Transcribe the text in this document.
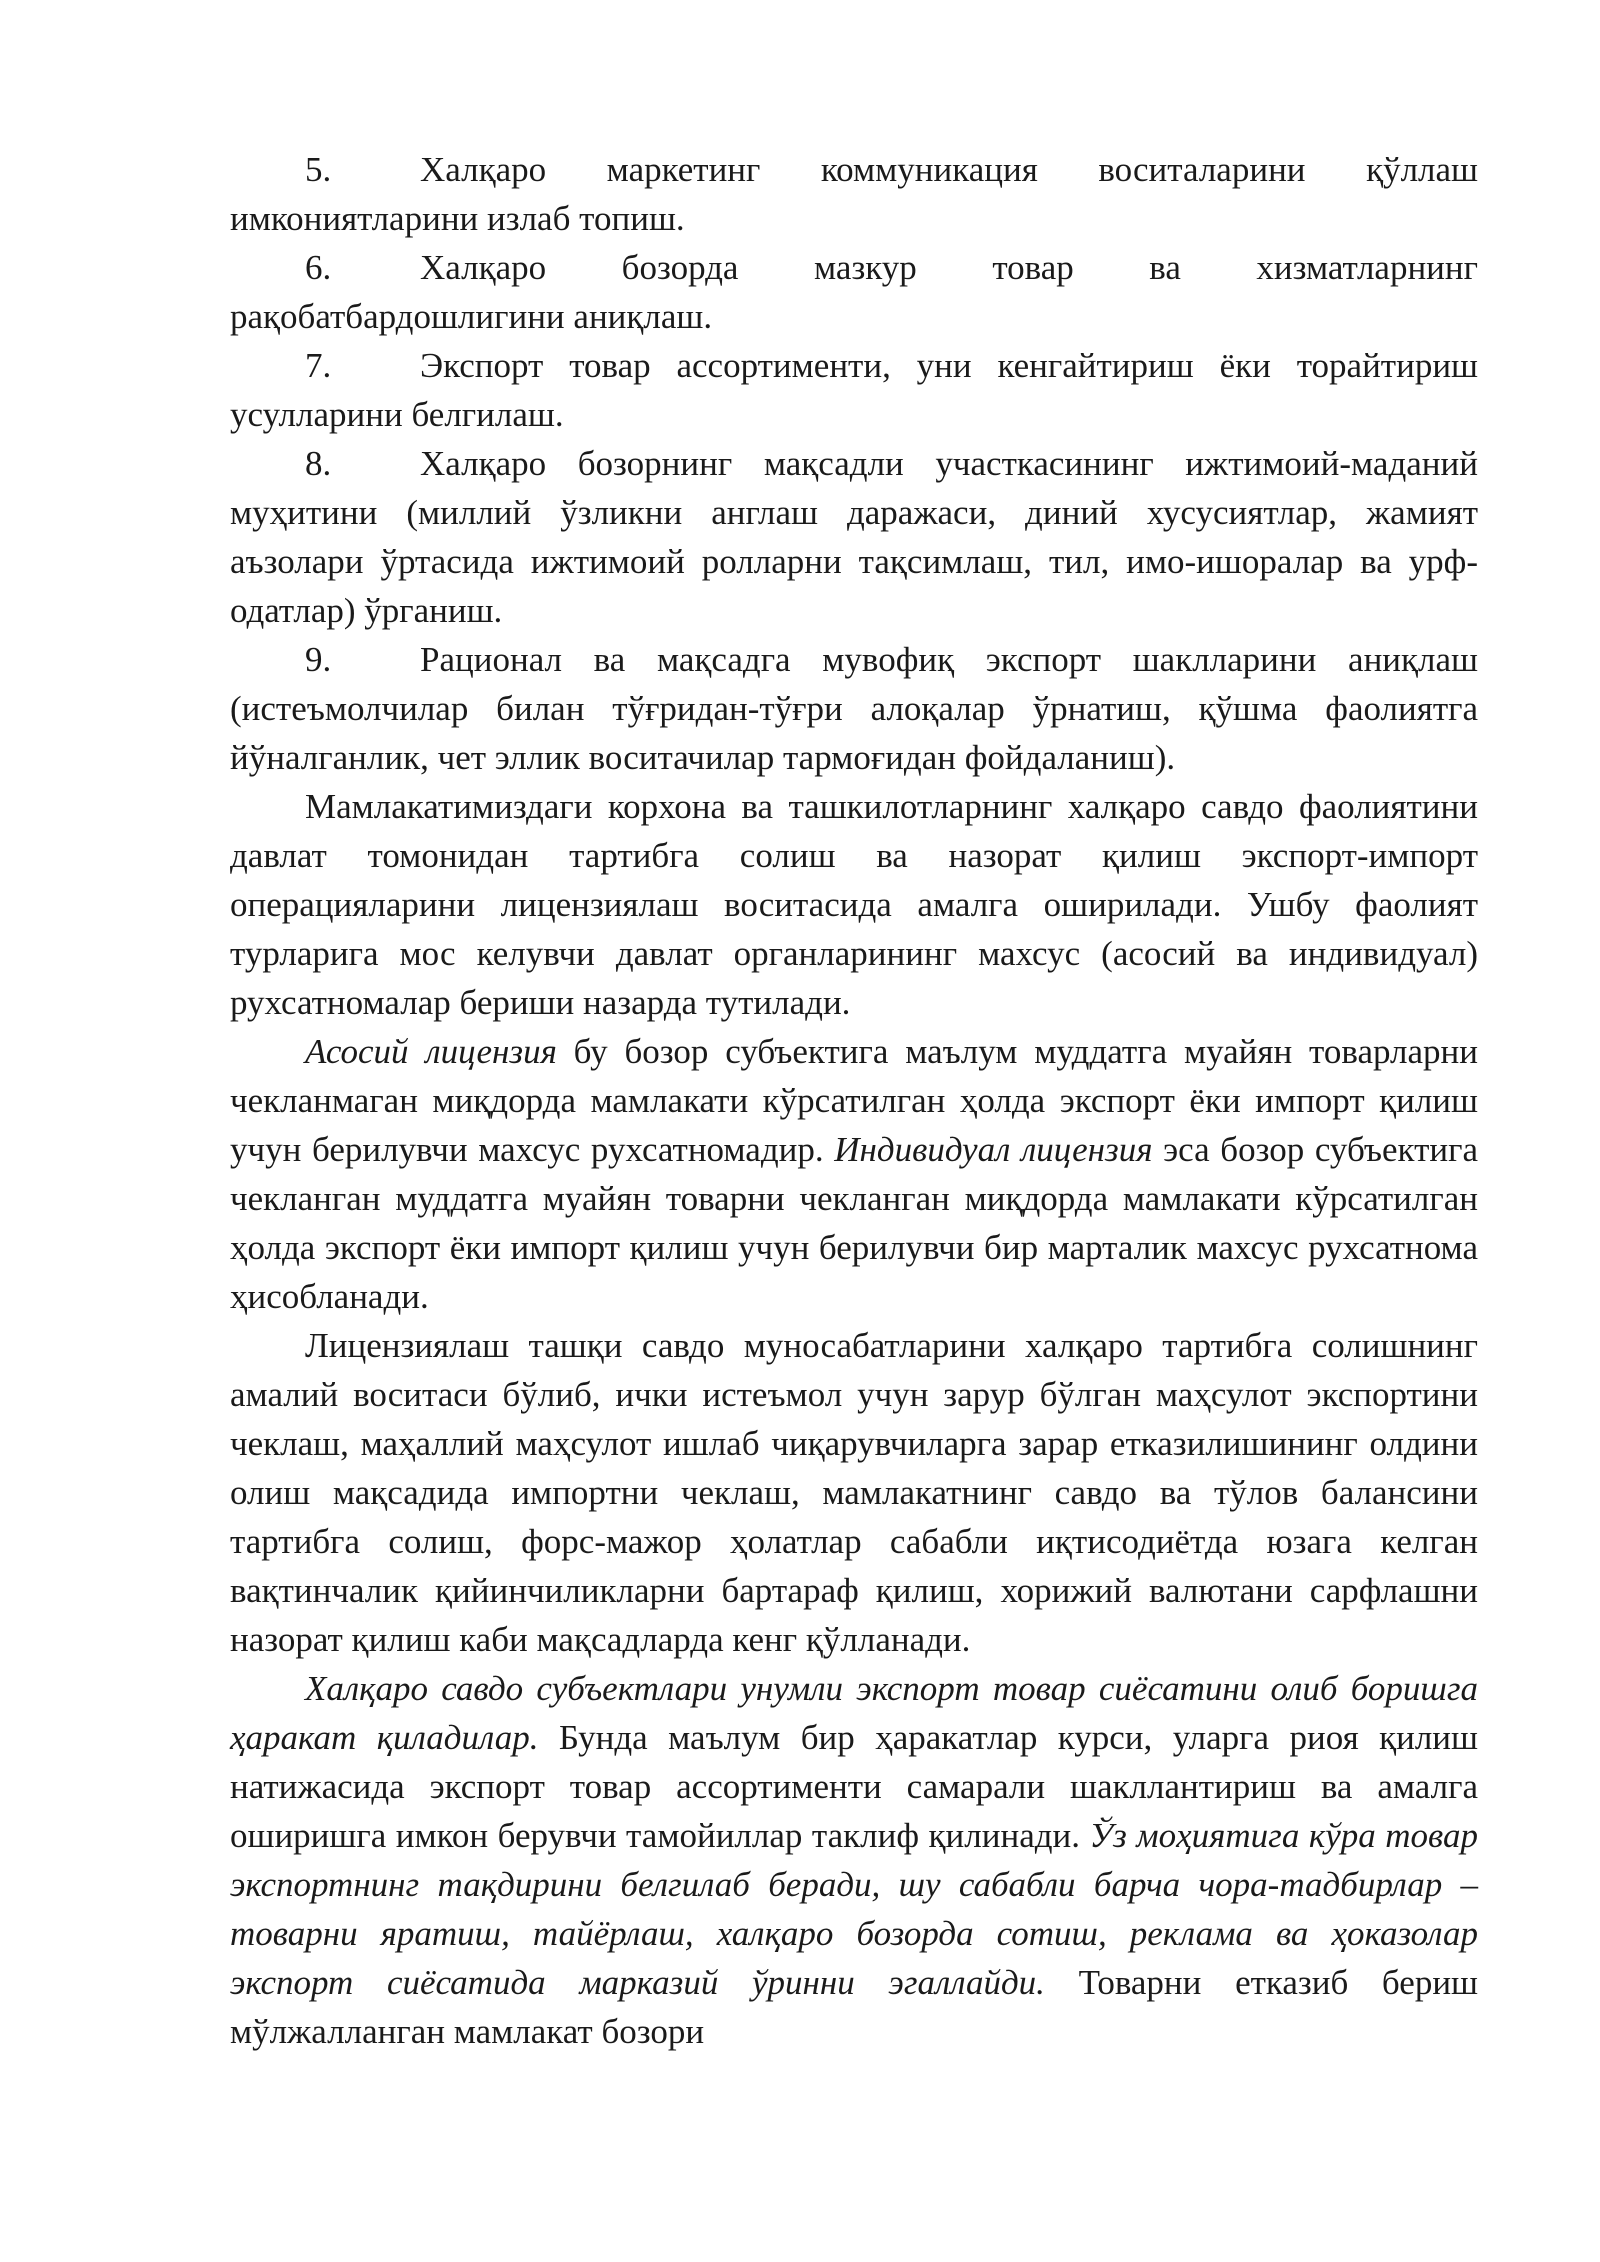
5.	Халқаро маркетинг коммуникация воситаларини қўллаш имкониятларини излаб топиш.

6.	Халқаро бозорда мазкур товар ва хизматларнинг рақобатбардошлигини аниқлаш.

7.	Экспорт товар ассортименти, уни кенгайтириш ёки торайтириш усулларини белгилаш.

8.	Халқаро бозорнинг мақсадли участкасининг ижтимоий-маданий муҳитини (миллий ўзликни англаш даражаси, диний хусусиятлар, жамият аъзолари ўртасида ижтимоий ролларни тақсимлаш, тил, имо-ишоралар ва урф-одатлар) ўрганиш.

9.	Рационал ва мақсадга мувофиқ экспорт шаклларини аниқлаш (истеъмолчилар билан тўғридан-тўғри алоқалар ўрнатиш, қўшма фаолиятга йўналганлик, чет эллик воситачилар тармоғидан фойдаланиш).

Мамлакатимиздаги корхона ва ташкилотларнинг халқаро савдо фаолиятини давлат томонидан тартибга солиш ва назорат қилиш экспорт-импорт операцияларини лицензиялаш воситасида амалга оширилади. Ушбу фаолият турларига мос келувчи давлат органларининг махсус (асосий ва индивидуал) рухсатномалар бериши назарда тутилади.

Асосий лицензия бу бозор субъектига маълум муддатга муайян товарларни чекланмаган миқдорда мамлакати кўрсатилган ҳолда экспорт ёки импорт қилиш учун берилувчи махсус рухсатномадир. Индивидуал лицензия эса бозор субъектига чекланган муддатга муайян товарни чекланган миқдорда мамлакати кўрсатилган ҳолда экспорт ёки импорт қилиш учун берилувчи бир марталик махсус рухсатнома ҳисобланади.

Лицензиялаш ташқи савдо муносабатларини халқаро тартибга солишнинг амалий воситаси бўлиб, ички истеъмол учун зарур бўлган маҳсулот экспортини чеклаш, маҳаллий маҳсулот ишлаб чиқарувчиларга зарар етказилишининг олдини олиш мақсадида импортни чеклаш, мамлакатнинг савдо ва тўлов балансини тартибга солиш, форс-мажор ҳолатлар сабабли иқтисодиётда юзага келган вақтинчалик қийинчиликларни бартараф қилиш, хорижий валютани сарфлашни назорат қилиш каби мақсадларда кенг қўлланади.

Халқаро савдо субъектлари унумли экспорт товар сиёсатини олиб боришга ҳаракат қиладилар. Бунда маълум бир ҳаракатлар курси, уларга риоя қилиш натижасида экспорт товар ассортименти самарали шакллантириш ва амалга оширишга имкон берувчи тамойиллар таклиф қилинади. Ўз моҳиятига кўра товар экспортнинг тақдирини белгилаб беради, шу сабабли барча чора-тадбирлар – товарни яратиш, тайёрлаш, халқаро бозорда сотиш, реклама ва ҳоказолар экспорт сиёсатида марказий ўринни эгаллайди. Товарни етказиб бериш мўлжалланган мамлакат бозори
